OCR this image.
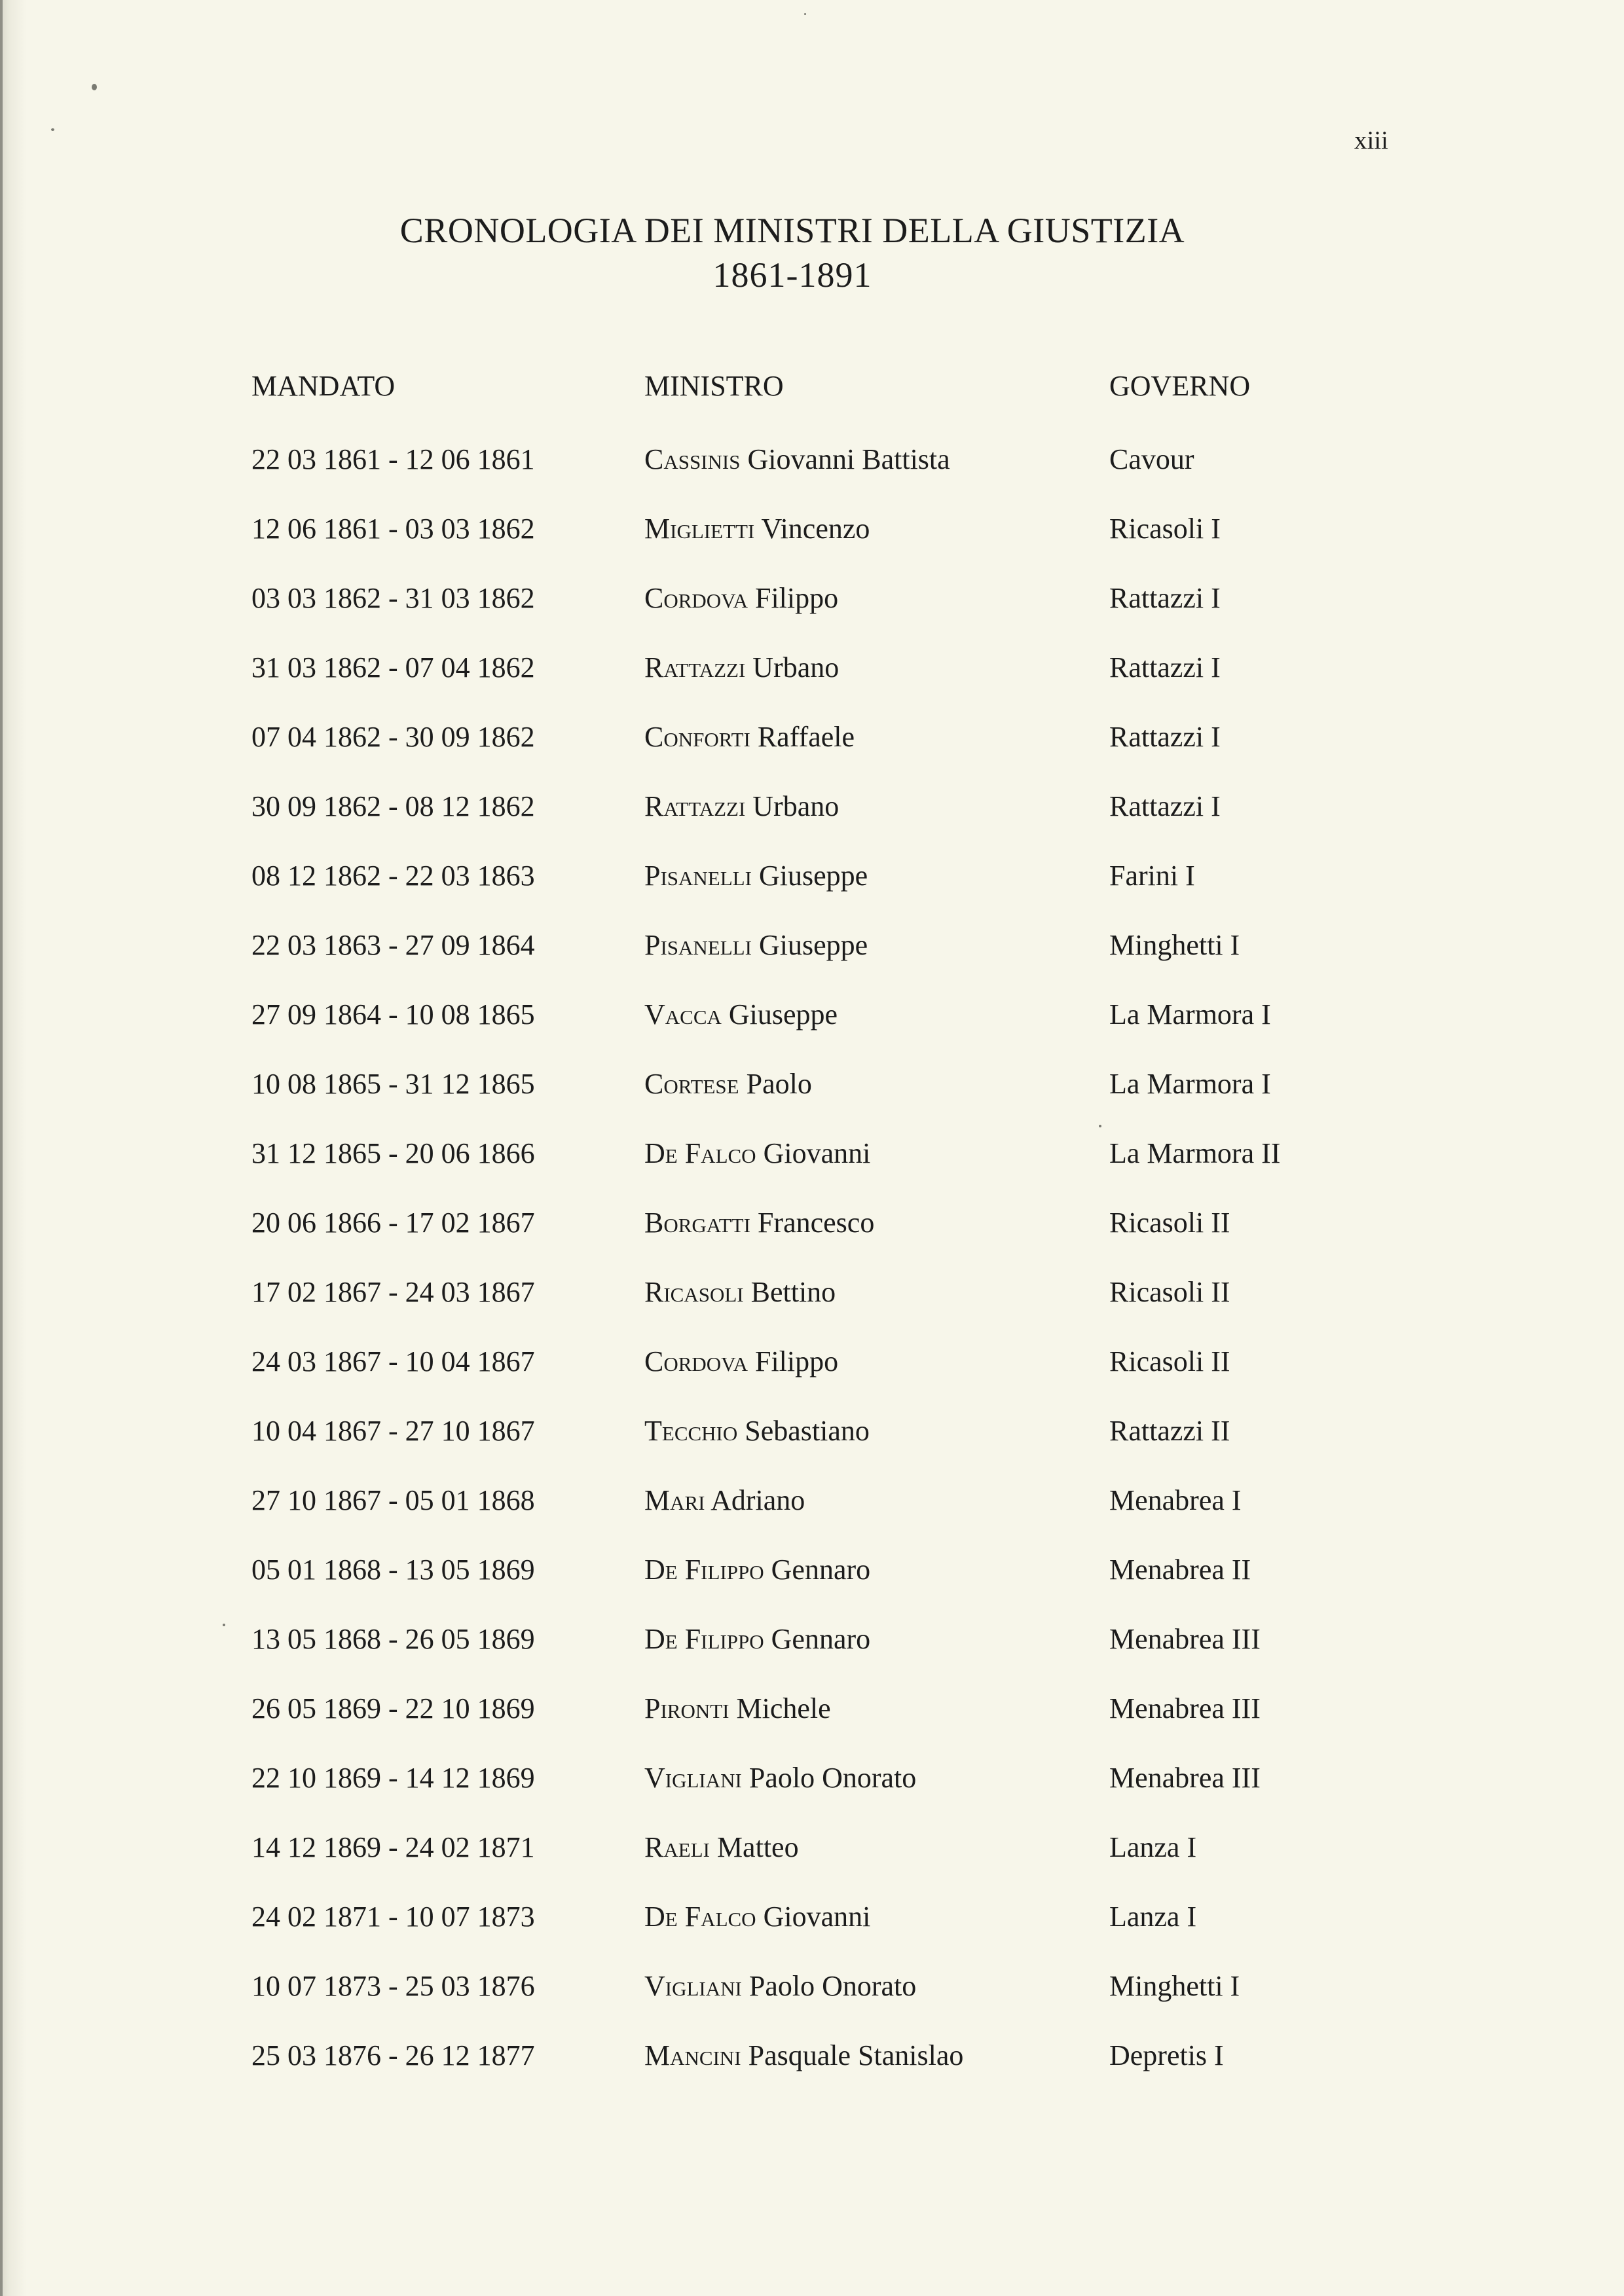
xiii
CRONOLOGIA DEI MINISTRI DELLA GIUSTIZIA
1861-1891
MANDATO	MINISTRO	GOVERNO
22 03 1861 - 12 06 1861	Cassinis Giovanni Battista	Cavour
12 06 1861 - 03 03 1862	Miglietti Vincenzo	Ricasoli I
03 03 1862 - 31 03 1862	Cordova Filippo	Rattazzi I
31 03 1862 - 07 04 1862	Rattazzi Urbano	Rattazzi I
07 04 1862 - 30 09 1862	Conforti Raffaele	Rattazzi I
30 09 1862 - 08 12 1862	Rattazzi Urbano	Rattazzi I
08 12 1862 - 22 03 1863	Pisanelli Giuseppe	Farini I
22 03 1863 - 27 09 1864	Pisanelli Giuseppe	Minghetti I
27 09 1864 - 10 08 1865	Vacca Giuseppe	La Marmora I
10 08 1865 - 31 12 1865	Cortese Paolo	La Marmora I
31 12 1865 - 20 06 1866	De Falco Giovanni	La Marmora II
20 06 1866 - 17 02 1867	Borgatti Francesco	Ricasoli II
17 02 1867 - 24 03 1867	Ricasoli Bettino	Ricasoli II
24 03 1867 - 10 04 1867	Cordova Filippo	Ricasoli II
10 04 1867 - 27 10 1867	Tecchio Sebastiano	Rattazzi II
27 10 1867 - 05 01 1868	Mari Adriano	Menabrea I
05 01 1868 - 13 05 1869	De Filippo Gennaro	Menabrea II
13 05 1868 - 26 05 1869	De Filippo Gennaro	Menabrea III
26 05 1869 - 22 10 1869	Pironti Michele	Menabrea III
22 10 1869 - 14 12 1869	Vigliani Paolo Onorato	Menabrea III
14 12 1869 - 24 02 1871	Raeli Matteo	Lanza I
24 02 1871 - 10 07 1873	De Falco Giovanni	Lanza I
10 07 1873 - 25 03 1876	Vigliani Paolo Onorato	Minghetti I
25 03 1876 - 26 12 1877	Mancini Pasquale Stanislao	Depretis I
